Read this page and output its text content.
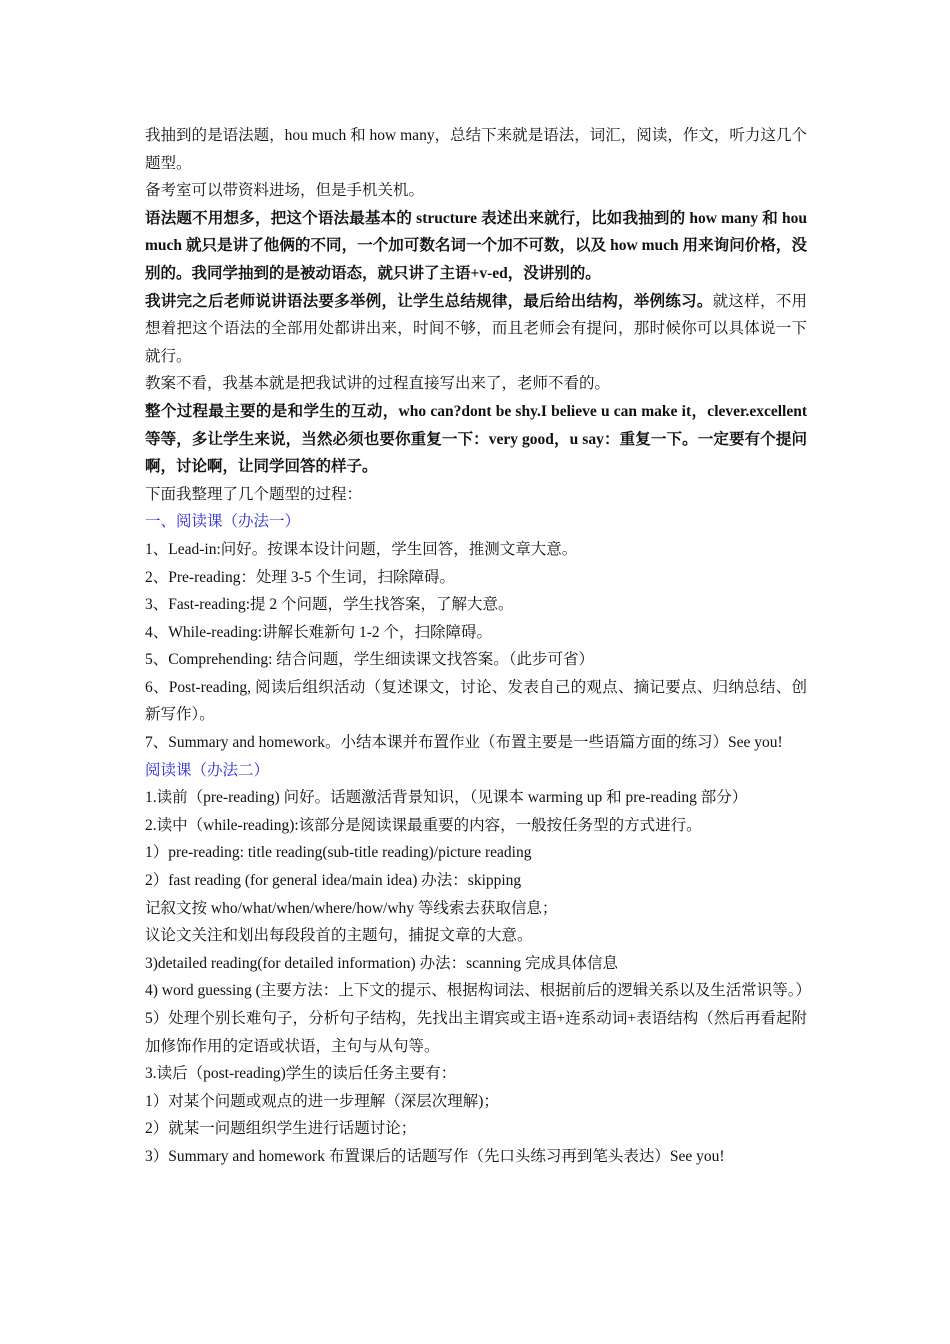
我抽到的是语法题，hou much 和 how many，总结下来就是语法，词汇，阅读，作文，听力这几个题型。

备考室可以带资料进场，但是手机关机。

语法题不用想多，把这个语法最基本的 structure 表述出来就行，比如我抽到的 how many 和 hou much 就只是讲了他俩的不同，一个加可数名词一个加不可数，以及 how much 用来询问价格，没别的。我同学抽到的是被动语态，就只讲了主语+v-ed，没讲别的。

我讲完之后老师说讲语法要多举例，让学生总结规律，最后给出结构，举例练习。就这样，不用想着把这个语法的全部用处都讲出来，时间不够，而且老师会有提问，那时候你可以具体说一下就行。

教案不看，我基本就是把我试讲的过程直接写出来了，老师不看的。

整个过程最主要的是和学生的互动，who can?dont be shy.I believe u can make it，clever.excellent 等等，多让学生来说，当然必须也要你重复一下：very good，u say：重复一下。一定要有个提问啊，讨论啊，让同学回答的样子。

下面我整理了几个题型的过程：

一、阅读课（办法一）

1、Lead-in:问好。按课本设计问题，学生回答，推测文章大意。

2、Pre-reading：处理 3-5 个生词，扫除障碍。

3、Fast-reading:提 2 个问题，学生找答案，了解大意。

4、While-reading:讲解长难新句 1-2 个，扫除障碍。

5、Comprehending: 结合问题，学生细读课文找答案。（此步可省）

6、Post-reading, 阅读后组织活动（复述课文，讨论、发表自己的观点、摘记要点、归纳总结、创新写作）。

7、Summary and homework。小结本课并布置作业（布置主要是一些语篇方面的练习）See you!

阅读课（办法二）

1.读前（pre-reading) 问好。话题激活背景知识，（见课本 warming up 和 pre-reading 部分）

2.读中（while-reading):该部分是阅读课最重要的内容，一般按任务型的方式进行。

1）pre-reading: title reading(sub-title reading)/picture reading

2）fast reading (for general idea/main idea) 办法：skipping

记叙文按 who/what/when/where/how/why 等线索去获取信息；

议论文关注和划出每段段首的主题句，捕捉文章的大意。

3)detailed reading(for detailed information) 办法：scanning 完成具体信息

4) word guessing (主要方法：上下文的提示、根据构词法、根据前后的逻辑关系以及生活常识等。）

5）处理个别长难句子，分析句子结构，先找出主谓宾或主语+连系动词+表语结构（然后再看起附加修饰作用的定语或状语，主句与从句等。

3.读后（post-reading)学生的读后任务主要有：

1）对某个问题或观点的进一步理解（深层次理解)；

2）就某一问题组织学生进行话题讨论；

3）Summary and homework 布置课后的话题写作（先口头练习再到笔头表达）See you!
